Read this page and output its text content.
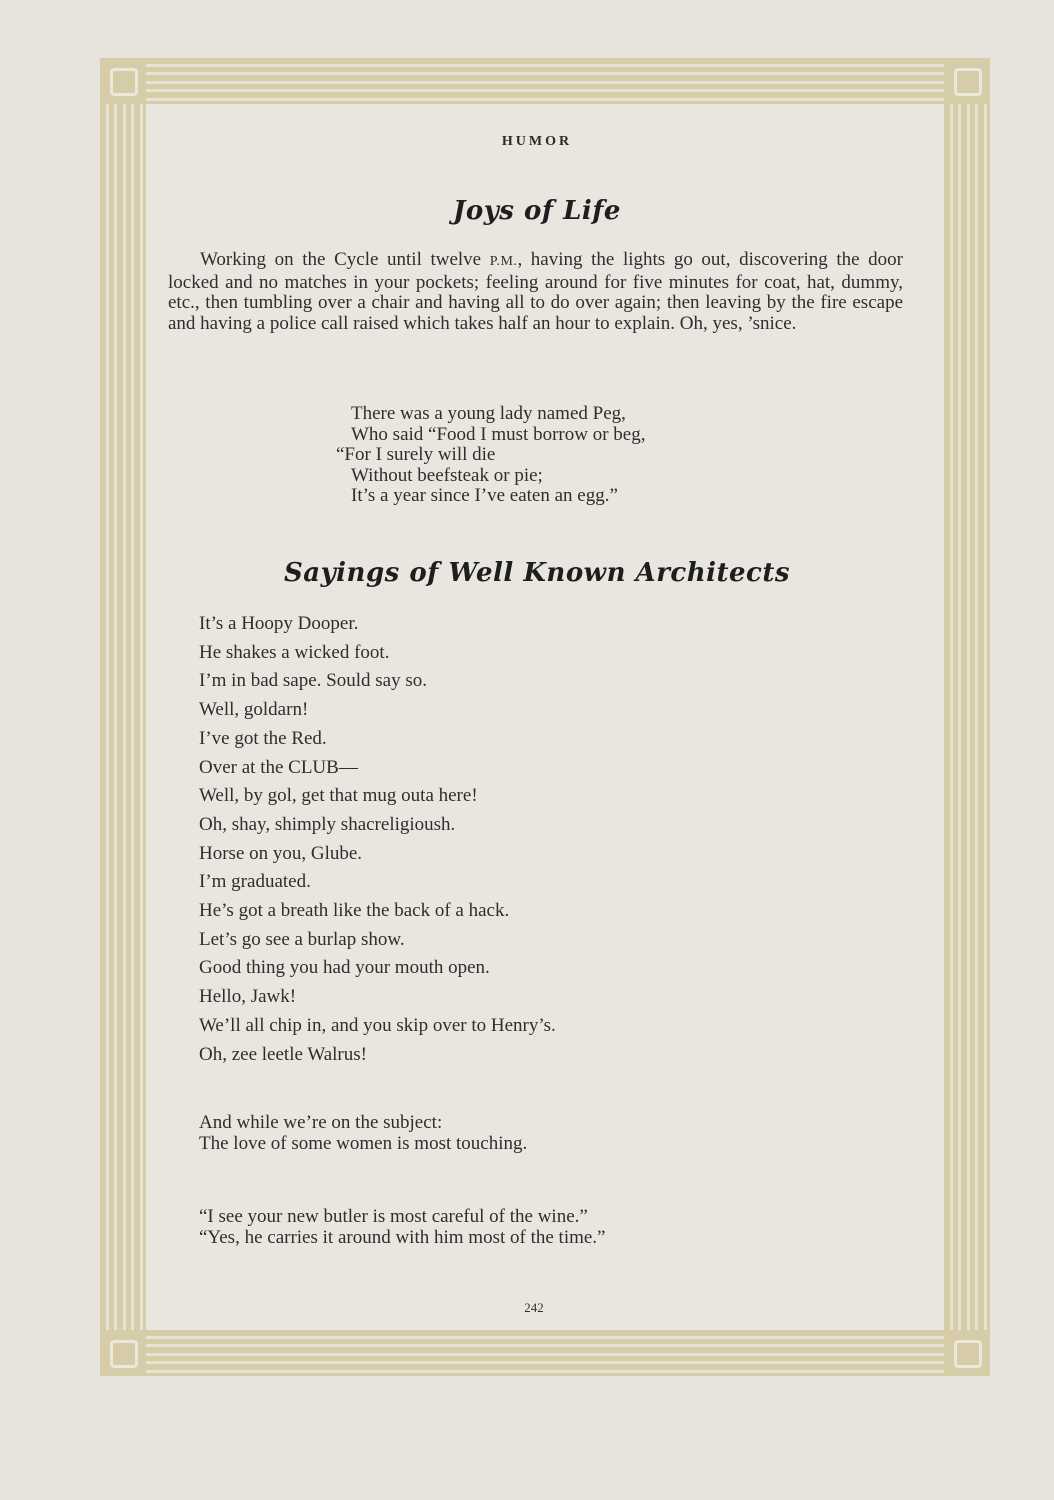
HUMOR
Joys of Life
Working on the Cycle until twelve P.M., having the lights go out, discovering the door locked and no matches in your pockets; feeling around for five minutes for coat, hat, dummy, etc., then tumbling over a chair and having all to do over again; then leaving by the fire escape and having a police call raised which takes half an hour to explain. Oh, yes, ’snice.
There was a young lady named Peg,
Who said “Food I must borrow or beg,
“For I surely will die
Without beefsteak or pie;
It’s a year since I’ve eaten an egg.”
Sayings of Well Known Architects
It’s a Hoopy Dooper.
He shakes a wicked foot.
I’m in bad sape. Sould say so.
Well, goldarn!
I’ve got the Red.
Over at the CLUB—
Well, by gol, get that mug outa here!
Oh, shay, shimply shacreligioush.
Horse on you, Glube.
I’m graduated.
He’s got a breath like the back of a hack.
Let’s go see a burlap show.
Good thing you had your mouth open.
Hello, Jawk!
We’ll all chip in, and you skip over to Henry’s.
Oh, zee leetle Walrus!
And while we’re on the subject:
The love of some women is most touching.
“I see your new butler is most careful of the wine.”
“Yes, he carries it around with him most of the time.”
242
